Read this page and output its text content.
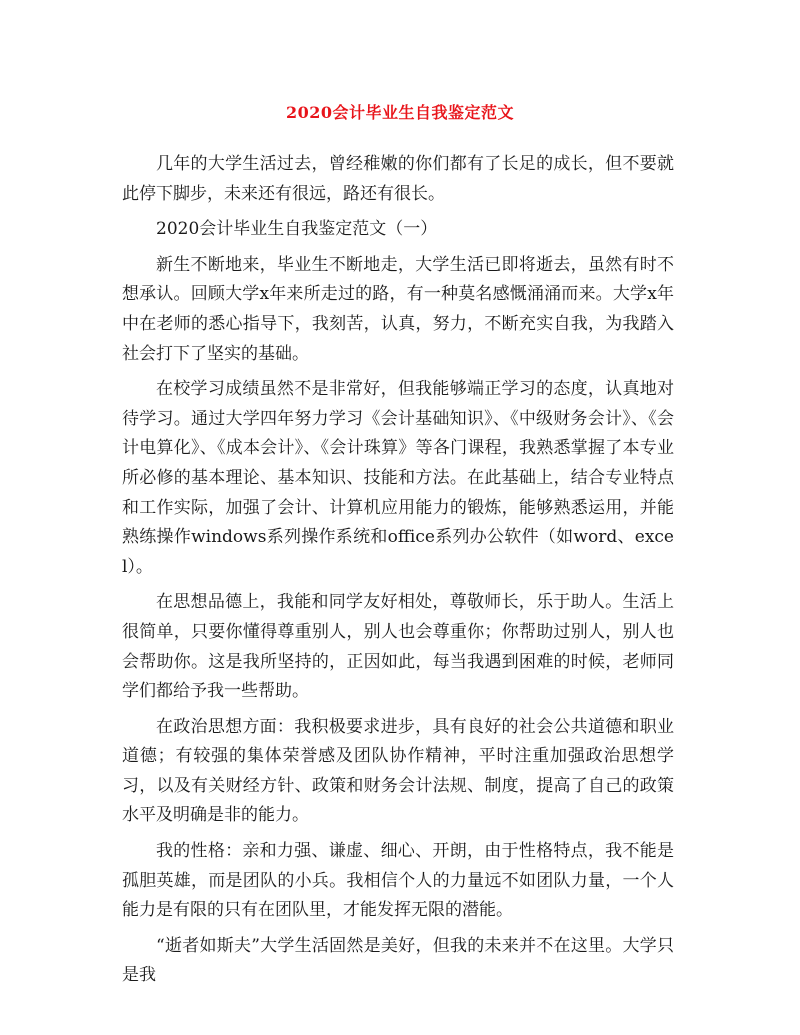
2020会计毕业生自我鉴定范文

几年的大学生活过去，曾经稚嫩的你们都有了长足的成长，但不要就此停下脚步，未来还有很远，路还有很长。

2020会计毕业生自我鉴定范文（一）

新生不断地来，毕业生不断地走，大学生活已即将逝去，虽然有时不想承认。回顾大学x年来所走过的路，有一种莫名感慨涌涌而来。大学x年中在老师的悉心指导下，我刻苦，认真，努力，不断充实自我，为我踏入社会打下了坚实的基础。

在校学习成绩虽然不是非常好，但我能够端正学习的态度，认真地对待学习。通过大学四年努力学习《会计基础知识》、《中级财务会计》、《会计电算化》、《成本会计》、《会计珠算》等各门课程，我熟悉掌握了本专业所必修的基本理论、基本知识、技能和方法。在此基础上，结合专业特点和工作实际，加强了会计、计算机应用能力的锻炼，能够熟悉运用，并能熟练操作windows系列操作系统和office系列办公软件（如word、excel）。

在思想品德上，我能和同学友好相处，尊敬师长，乐于助人。生活上很简单，只要你懂得尊重别人，别人也会尊重你；你帮助过别人，别人也会帮助你。这是我所坚持的，正因如此，每当我遇到困难的时候，老师同学们都给予我一些帮助。

在政治思想方面：我积极要求进步，具有良好的社会公共道德和职业道德；有较强的集体荣誉感及团队协作精神，平时注重加强政治思想学习，以及有关财经方针、政策和财务会计法规、制度，提高了自己的政策水平及明确是非的能力。

我的性格：亲和力强、谦虚、细心、开朗，由于性格特点，我不能是孤胆英雄，而是团队的小兵。我相信个人的力量远不如团队力量，一个人能力是有限的只有在团队里，才能发挥无限的潜能。

“逝者如斯夫”大学生活固然是美好，但我的未来并不在这里。大学只是我
